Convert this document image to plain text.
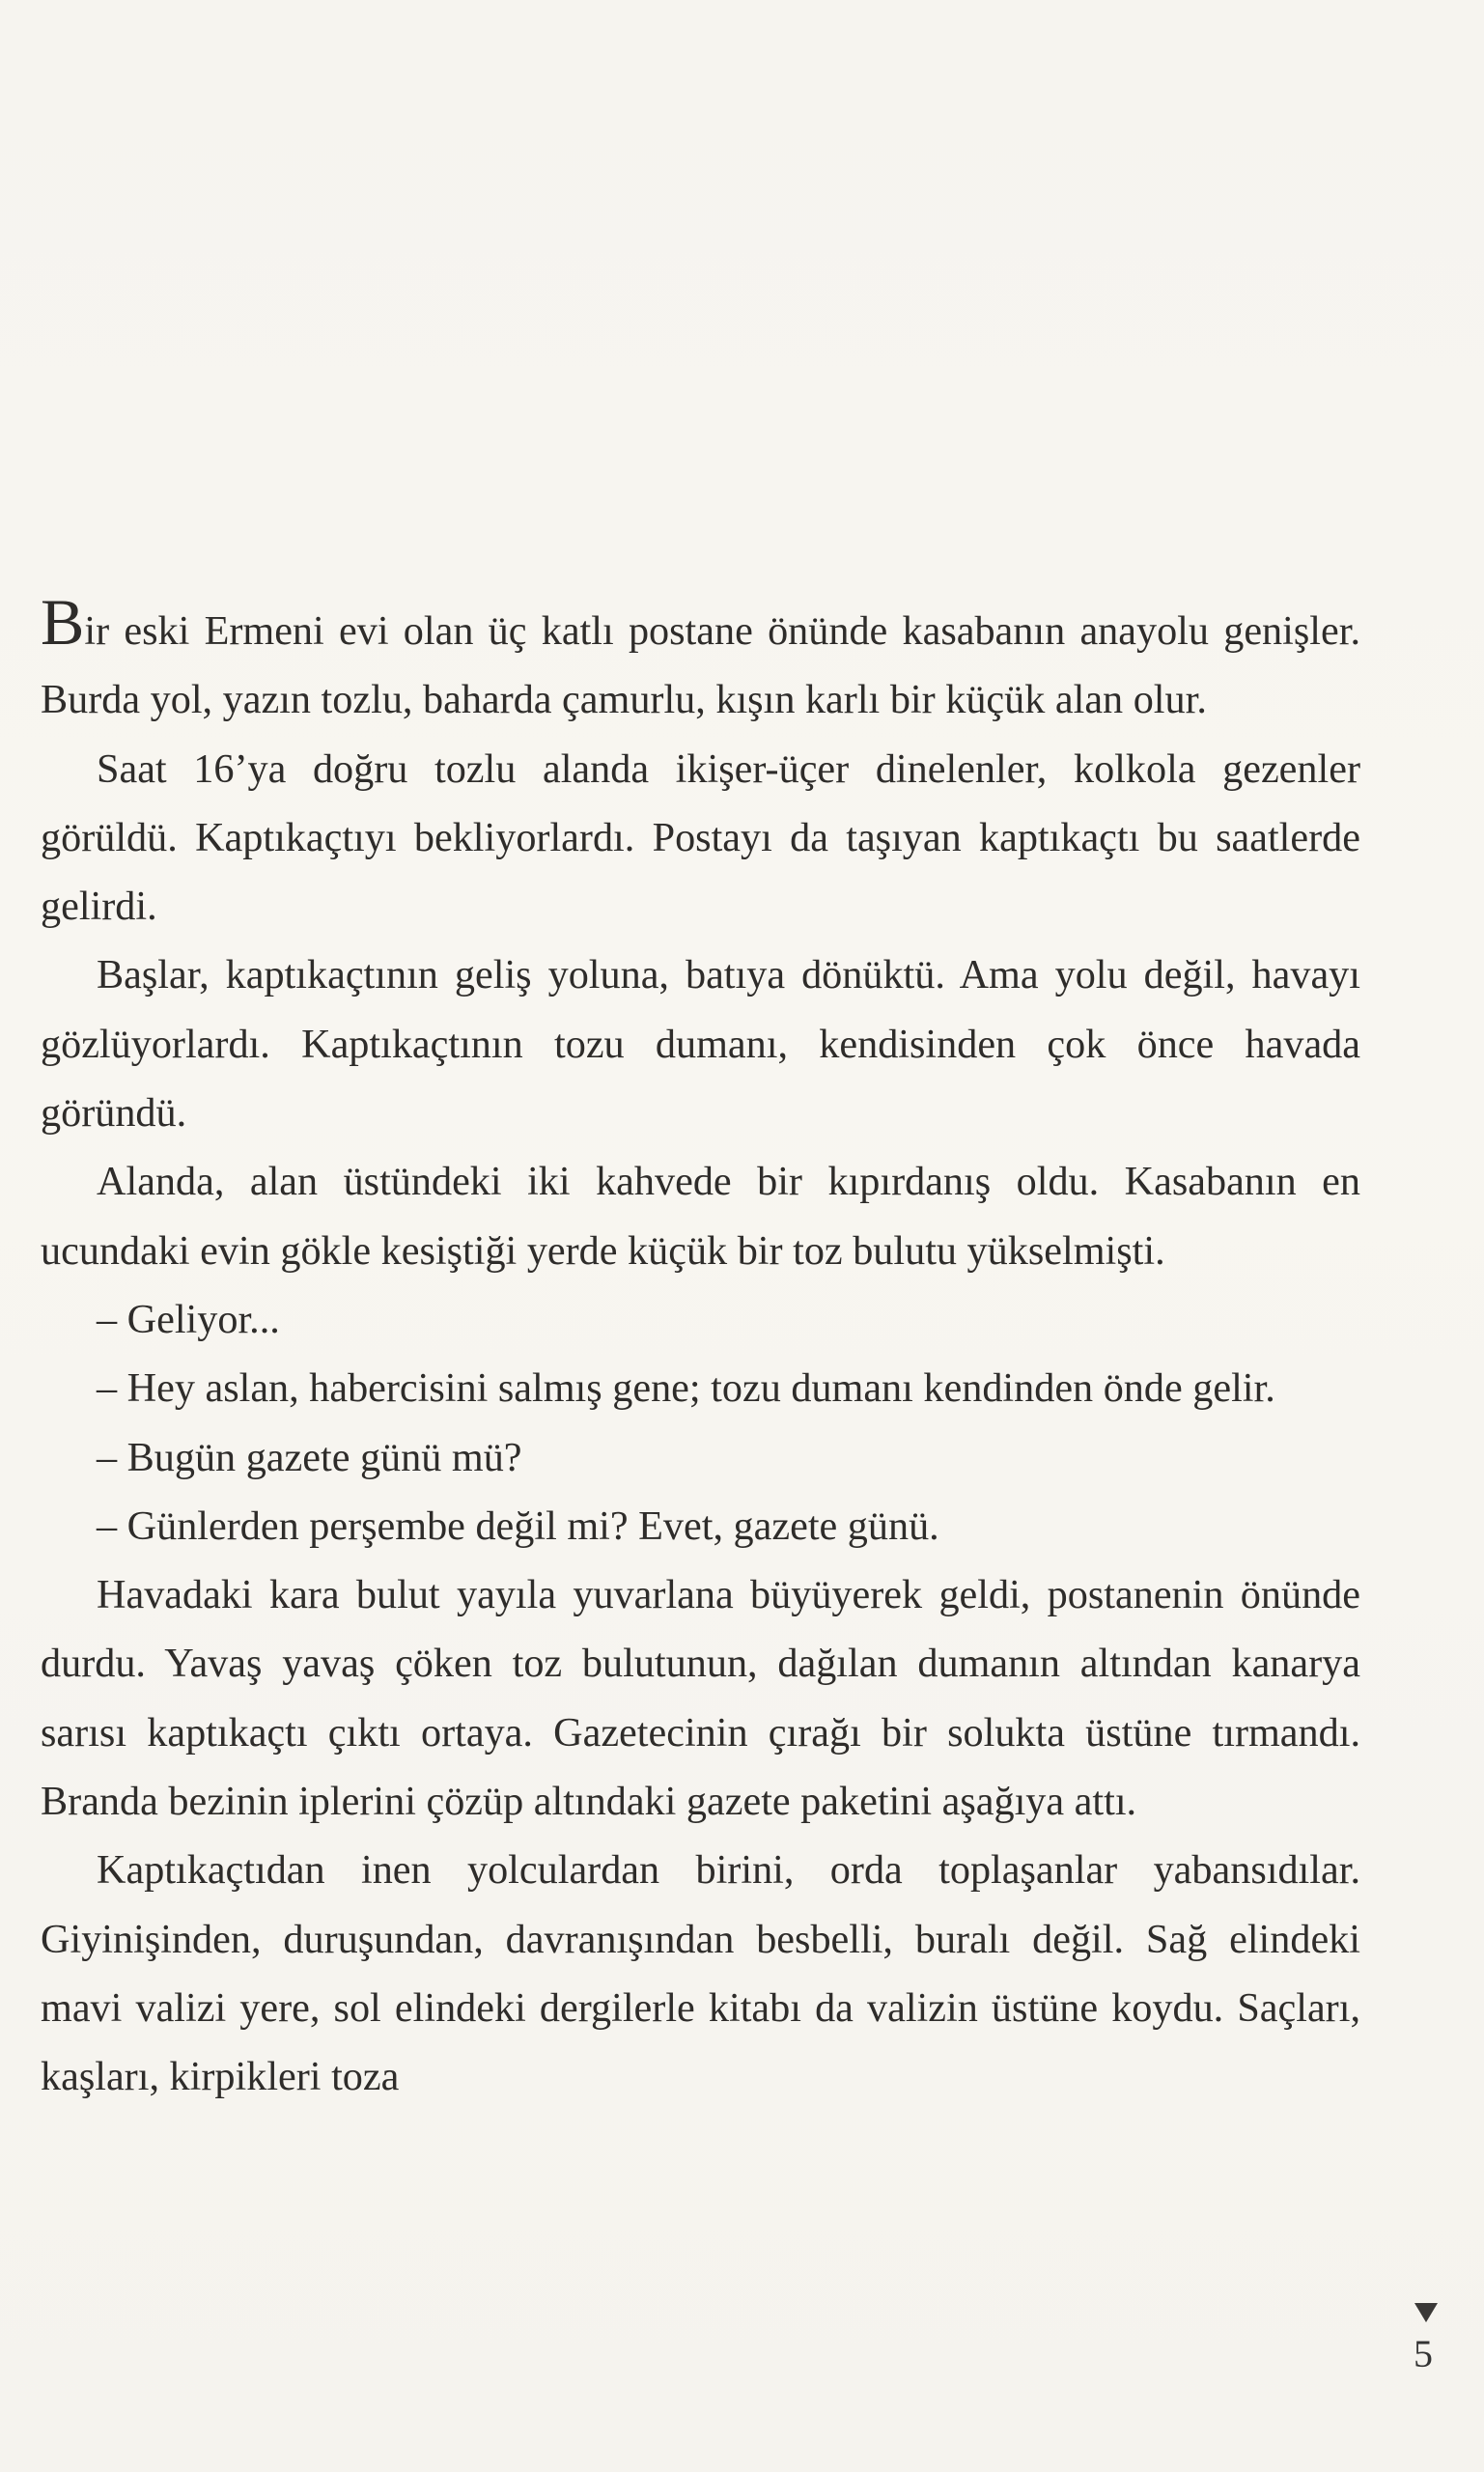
Bir eski Ermeni evi olan üç katlı postane önünde kasabanın anayolu genişler. Burda yol, yazın tozlu, baharda çamurlu, kışın karlı bir küçük alan olur.

Saat 16’ya doğru tozlu alanda ikişer-üçer dinelenler, kolkola gezenler görüldü. Kaptıkaçtıyı bekliyorlardı. Postayı da taşıyan kaptıkaçtı bu saatlerde gelirdi.

Başlar, kaptıkaçtının geliş yoluna, batıya dönüktü. Ama yolu değil, havayı gözlüyorlardı. Kaptıkaçtının tozu dumanı, kendisinden çok önce havada göründü.

Alanda, alan üstündeki iki kahvede bir kıpırdanış oldu. Kasabanın en ucundaki evin gökle kesiştiği yerde küçük bir toz bulutu yükselmişti.

– Geliyor...

– Hey aslan, habercisini salmış gene; tozu dumanı kendinden önde gelir.

– Bugün gazete günü mü?

– Günlerden perşembe değil mi? Evet, gazete günü.

Havadaki kara bulut yayıla yuvarlana büyüyerek geldi, postanenin önünde durdu. Yavaş yavaş çöken toz bulutunun, dağılan dumanın altından kanarya sarısı kaptıkaçtı çıktı ortaya. Gazetecinin çırağı bir solukta üstüne tırmandı. Branda bezinin iplerini çözüp altındaki gazete paketini aşağıya attı.

Kaptıkaçtıdan inen yolculardan birini, orda toplaşanlar yabansıdılar. Giyinişinden, duruşundan, davranışından besbelli, buralı değil. Sağ elindeki mavi valizi yere, sol elindeki dergilerle kitabı da valizin üstüne koydu. Saçları, kaşları, kirpikleri toza

5
